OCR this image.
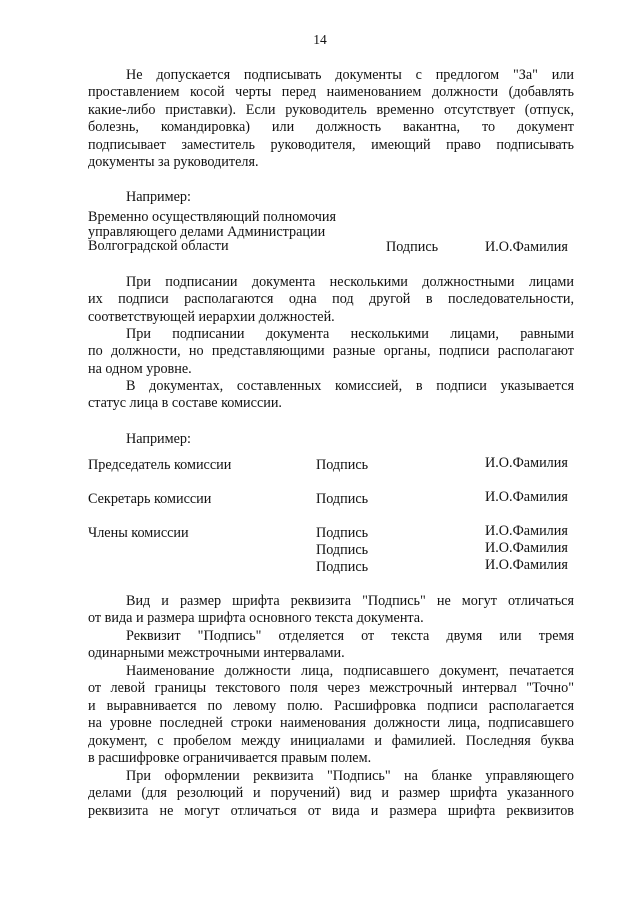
14
Не допускается подписывать документы с предлогом "За" или
проставлением косой черты перед наименованием должности (добавлять
какие-либо приставки). Если руководитель временно отсутствует (отпуск,
болезнь, командировка) или должность вакантна, то документ
подписывает заместитель руководителя, имеющий право подписывать
документы за руководителя.
Например:
Временно осуществляющий полномочия
управляющего делами Администрации
Волгоградской области	Подпись	И.О.Фамилия
При подписании документа несколькими должностными лицами
их подписи располагаются одна под другой в последовательности,
соответствующей иерархии должностей.
При подписании документа несколькими лицами, равными
по должности, но представляющими разные органы, подписи располагают
на одном уровне.
В документах, составленных комиссией, в подписи указывается
статус лица в составе комиссии.
Например:
Председатель комиссии	Подпись	И.О.Фамилия
Секретарь комиссии	Подпись	И.О.Фамилия
Члены комиссии	Подпись	И.О.Фамилия
Подпись	И.О.Фамилия
Подпись	И.О.Фамилия
Вид и размер шрифта реквизита "Подпись" не могут отличаться
от вида и размера шрифта основного текста документа.
Реквизит "Подпись" отделяется от текста двумя или тремя
одинарными межстрочными интервалами.
Наименование должности лица, подписавшего документ, печатается
от левой границы текстового поля через межстрочный интервал "Точно"
и выравнивается по левому полю. Расшифровка подписи располагается
на уровне последней строки наименования должности лица, подписавшего
документ, с пробелом между инициалами и фамилией. Последняя буква
в расшифровке ограничивается правым полем.
При оформлении реквизита "Подпись" на бланке управляющего
делами (для резолюций и поручений) вид и размер шрифта указанного
реквизита не могут отличаться от вида и размера шрифта реквизитов
